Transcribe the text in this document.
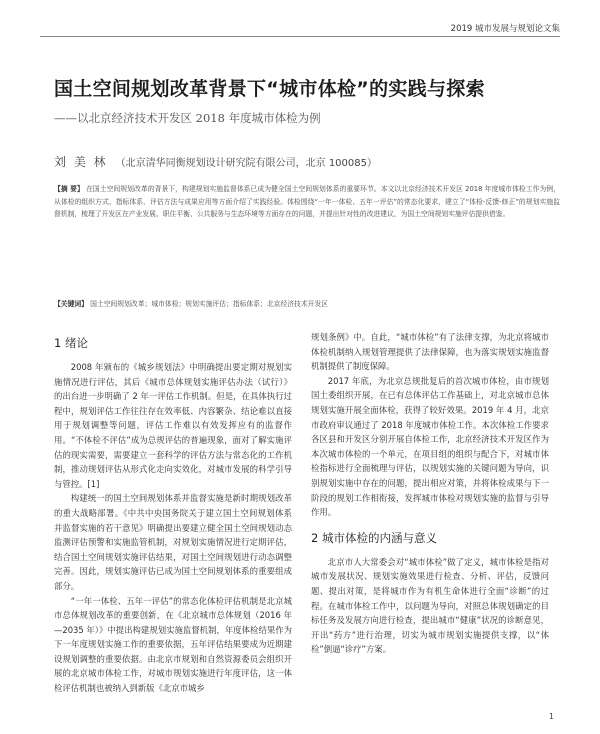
2019 城市发展与规划论文集
国土空间规划改革背景下“城市体检”的实践与探索
——以北京经济技术开发区 2018 年度城市体检为例
刘 美 林 （北京清华同衡规划设计研究院有限公司，北京 100085）
【摘 要】 在国土空间规划改革的背景下，构建规划实施监督体系已成为健全国土空间规划体系的重要环节。本文以北京经济技术开发区 2018 年度城市体检工作为例，从体检的组织方式、指标体系、评估方法与成果应用等方面介绍了实践经验。体检围绕“一年一体检、五年一评估”的常态化要求，建立了“体检-反馈-修正”的规划实施监督机制，梳理了开发区在产业发展、职住平衡、公共服务与生态环境等方面存在的问题，并提出针对性的改进建议，为国土空间规划实施评估提供借鉴。
【关键词】 国土空间规划改革；城市体检；规划实施评估；指标体系；北京经济技术开发区
1 绪论

2008 年颁布的《城乡规划法》中明确提出要定期对规划实施情况进行评估，其后《城市总体规划实施评估办法（试行）》的出台进一步明确了 2 年一评估工作机制。但是，在具体执行过程中，规划评估工作往往存在效率低、内容繁杂、结论难以直接用于规划调整等问题，评估工作难以有效发挥应有的监督作用。“不体检不评估”成为总规评估的普遍现象，面对了解实施评估的现实需要，需要建立一套科学的评估方法与常态化的工作机制，推动规划评估从形式化走向实效化，对城市发展的科学引导与管控。[1]

构建统一的国土空间规划体系并监督实施是新时期规划改革的重大战略部署。《中共中央国务院关于建立国土空间规划体系并监督实施的若干意见》明确提出要建立健全国土空间规划动态监测评估预警和实施监管机制，对规划实施情况进行定期评估，结合国土空间规划实施评估结果，对国土空间规划进行动态调整完善。因此，规划实施评估已成为国土空间规划体系的重要组成部分。

“一年一体检、五年一评估”的常态化体检评估机制是北京城市总体规划改革的重要创新，在《北京城市总体规划（2016 年—2035 年）》中提出构建规划实施监督机制，年度体检结果作为下一年度规划实施工作的重要依据，五年评估结果要成为近期建设规划调整的重要依据。由北京市规划和自然资源委员会组织开展的北京城市体检工作，对城市规划实施进行年度评估，这一体检评估机制也被纳入到新版《北京市城乡

规划条例》中。自此，“城市体检”有了法律支撑，为北京将城市体检机制纳入规划管理提供了法律保障，也为落实规划实施监督机制提供了制度保障。

2017 年底，为北京总规批复后的首次城市体检，由市规划国土委组织开展，在已有总体评估工作基础上，对北京城市总体规划实施开展全面体检，获得了较好效果。2019 年 4 月，北京市政府审议通过了 2018 年度城市体检工作。本次体检工作要求各区县和开发区分别开展自体检工作，北京经济技术开发区作为本次城市体检的一个单元，在项目组的组织与配合下，对城市体检指标进行全面梳理与评估，以规划实施的关键问题为导向，识别规划实施中存在的问题，提出相应对策，并将体检成果与下一阶段的规划工作相衔接，发挥城市体检对规划实施的监督与引导作用。

2 城市体检的内涵与意义

北京市人大常委会对“城市体检”做了定义，城市体检是指对城市发展状况、规划实施效果进行检查、分析、评估，反馈问题、提出对策，是将城市作为有机生命体进行全面“诊断”的过程。在城市体检工作中，以问题为导向，对照总体规划确定的目标任务及发展方向进行检查，提出城市“健康”状况的诊断意见，开出“药方”进行治理，切实为城市规划实施提供支撑，以“体检”倒逼“诊疗”方案。

1
